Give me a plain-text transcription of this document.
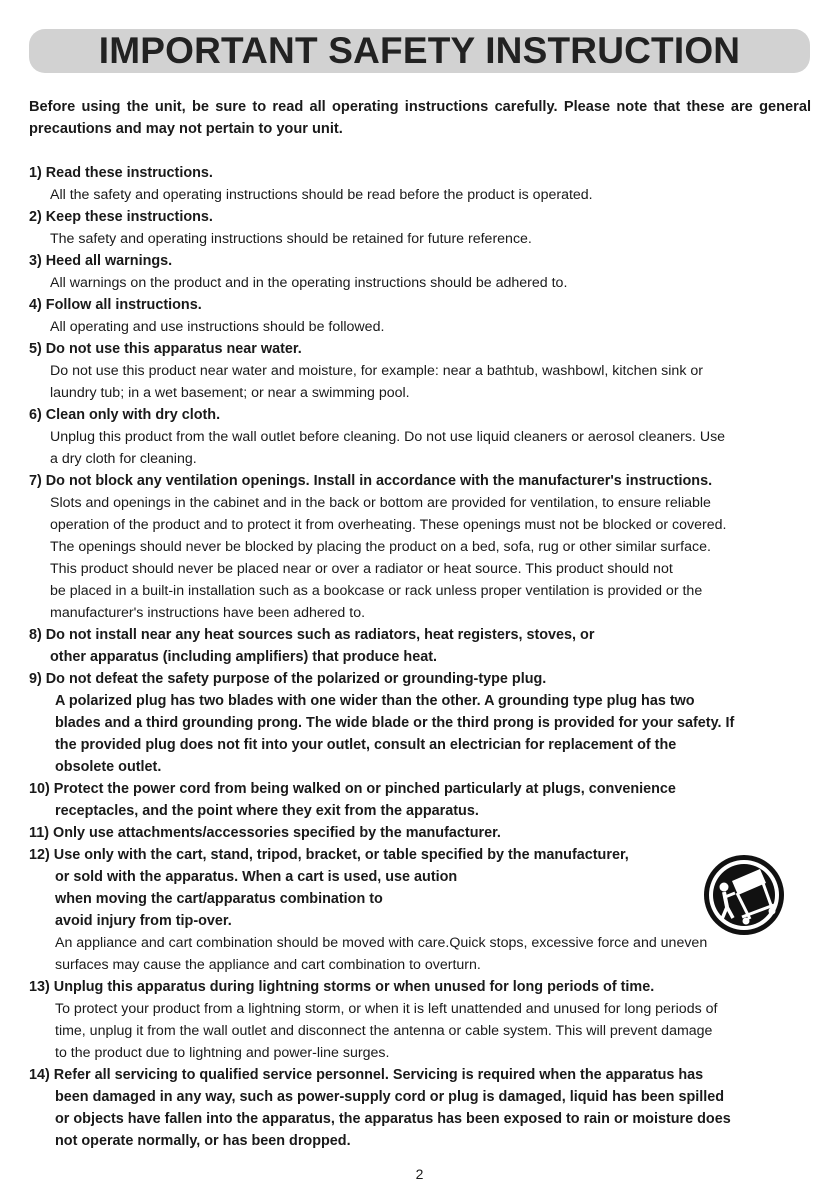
IMPORTANT SAFETY INSTRUCTION

Before using the unit, be sure to read all operating instructions carefully. Please note that these are general precautions and may not pertain to your unit.

1) Read these instructions.

All the safety and operating instructions should be read before the product is operated.

2) Keep these instructions.

The safety and operating instructions should be retained for future reference.

3) Heed all warnings.

All warnings on the product and in the operating instructions should be adhered to.

4) Follow all instructions.

All operating and use instructions should be followed.

5) Do not use this apparatus near water.

Do not use this product near water and moisture, for example: near a bathtub, washbowl, kitchen sink or
laundry tub; in a wet basement; or near a swimming pool.

6) Clean only with dry cloth.

Unplug this product from the wall outlet before cleaning. Do not use liquid cleaners or aerosol cleaners. Use
a dry cloth for cleaning.

7) Do not block any ventilation openings. Install in accordance with the manufacturer's instructions.

Slots and openings in the cabinet and in the back or bottom are provided for ventilation, to ensure reliable
operation of the product and to protect it from overheating. These openings must not be blocked or covered.
The openings should never be blocked by placing the product on a bed, sofa, rug or other similar surface.
This product should never be placed near or over a radiator or heat source. This product should not
be placed in a built-in installation such as a bookcase or rack unless proper ventilation is provided or the
manufacturer's instructions have been adhered to.

8) Do not install near any heat sources such as radiators, heat registers, stoves, or

other apparatus (including amplifiers) that produce heat.

9) Do not defeat the safety purpose of the polarized or grounding-type plug.

A polarized plug has two blades with one wider than the other. A grounding type plug has two
blades and a third grounding prong. The wide blade or the third prong is provided for your safety. If
the provided plug does not fit into your outlet, consult an electrician for replacement of the
obsolete outlet.

10) Protect the power cord from being walked on or pinched particularly at plugs, convenience

receptacles, and the point where they exit from the apparatus.

11) Only use attachments/accessories specified by the manufacturer.

12) Use only with the cart, stand, tripod, bracket, or table specified by the manufacturer,

or sold with the apparatus. When a cart is used, use aution
when moving the cart/apparatus combination to
avoid injury from tip-over.
An appliance and cart combination should be moved with care.Quick stops, excessive force and uneven
surfaces may cause the appliance and cart combination to overturn.

13) Unplug this apparatus during lightning storms or when unused for long periods of time.

To protect your product from a lightning storm, or when it is left unattended and unused for long periods of
time, unplug it from the wall outlet and disconnect the antenna or cable system. This will prevent damage
to the product due to lightning and power-line surges.

14) Refer all servicing to qualified service personnel. Servicing is required when the apparatus has

been damaged in any way, such as power-supply cord or plug is damaged, liquid has been spilled
or objects have fallen into the apparatus, the apparatus has been exposed to rain or moisture does
not operate normally, or has been dropped.
2
